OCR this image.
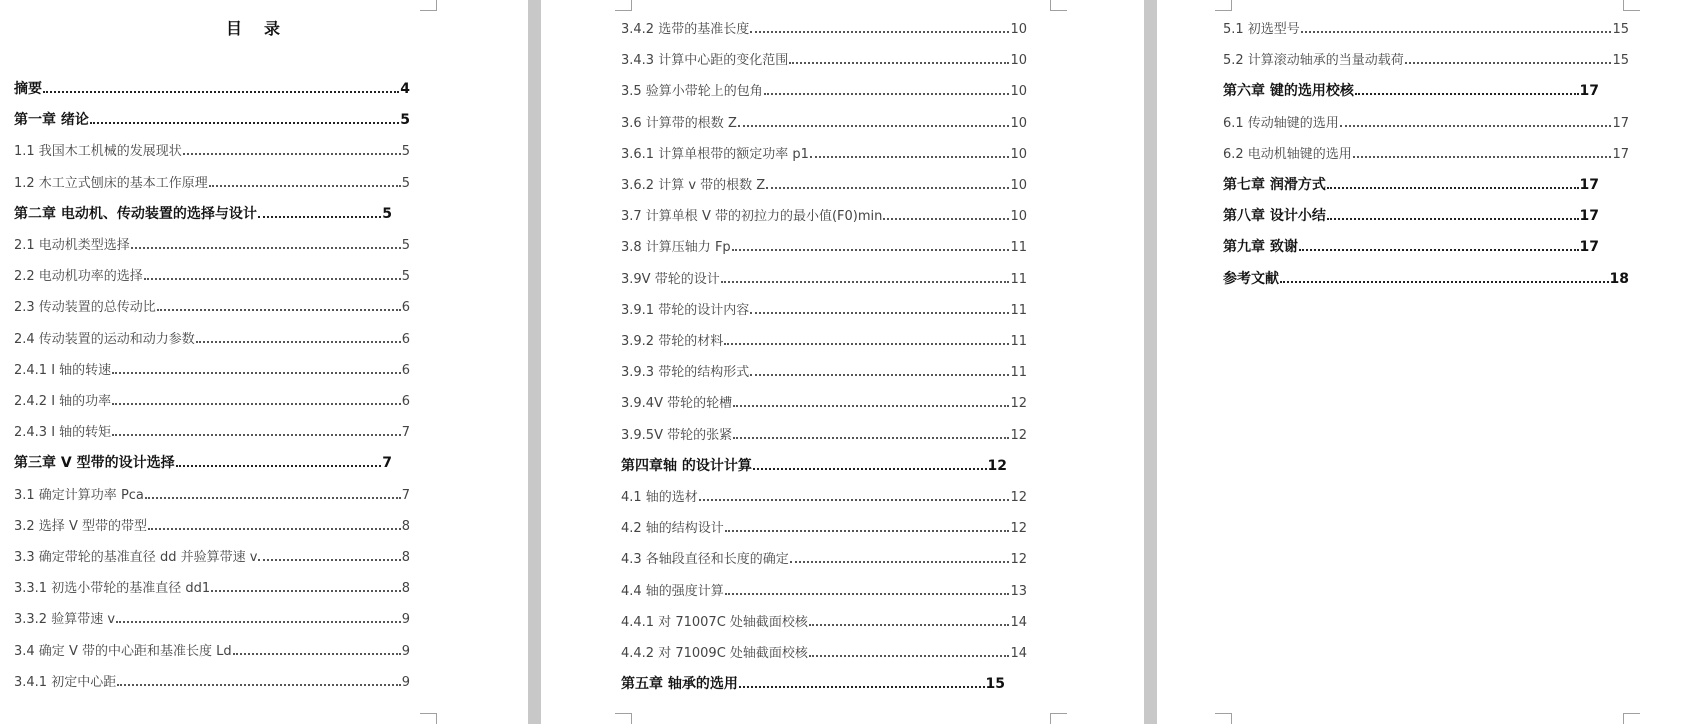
目录
摘要	4
第一章 绪论	5
1.1 我国木工机械的发展现状	5
1.2 木工立式刨床的基本工作原理	5
第二章 电动机、传动装置的选择与设计	5
2.1 电动机类型选择	5
2.2 电动机功率的选择	5
2.3 传动装置的总传动比	6
2.4 传动装置的运动和动力参数	6
2.4.1 I 轴的转速	6
2.4.2 I 轴的功率	6
2.4.3 I 轴的转矩	7
第三章 V 型带的设计选择	7
3.1 确定计算功率 Pca	7
3.2 选择 V 型带的带型	8
3.3 确定带轮的基准直径 dd 并验算带速 v	8
3.3.1 初选小带轮的基准直径 dd1	8
3.3.2 验算带速 v	9
3.4 确定 V 带的中心距和基准长度 Ld	9
3.4.1 初定中心距	9
3.4.2 选带的基准长度	10
3.4.3 计算中心距的变化范围	10
3.5 验算小带轮上的包角	10
3.6 计算带的根数 Z	10
3.6.1 计算单根带的额定功率 p1	10
3.6.2 计算 v 带的根数 Z	10
3.7 计算单根 V 带的初拉力的最小值(F0)min	10
3.8 计算压轴力 Fp	11
3.9V 带轮的设计	11
3.9.1 带轮的设计内容	11
3.9.2 带轮的材料	11
3.9.3 带轮的结构形式	11
3.9.4V 带轮的轮槽	12
3.9.5V 带轮的张紧	12
第四章轴 的设计计算	12
4.1 轴的选材	12
4.2 轴的结构设计	12
4.3 各轴段直径和长度的确定	12
4.4 轴的强度计算	13
4.4.1 对 71007C 处轴截面校核	14
4.4.2 对 71009C 处轴截面校核	14
第五章 轴承的选用	15
5.1 初选型号	15
5.2 计算滚动轴承的当量动载荷	15
第六章 键的选用校核	17
6.1 传动轴键的选用	17
6.2 电动机轴键的选用	17
第七章 润滑方式	17
第八章 设计小结	17
第九章 致谢	17
参考文献	18
